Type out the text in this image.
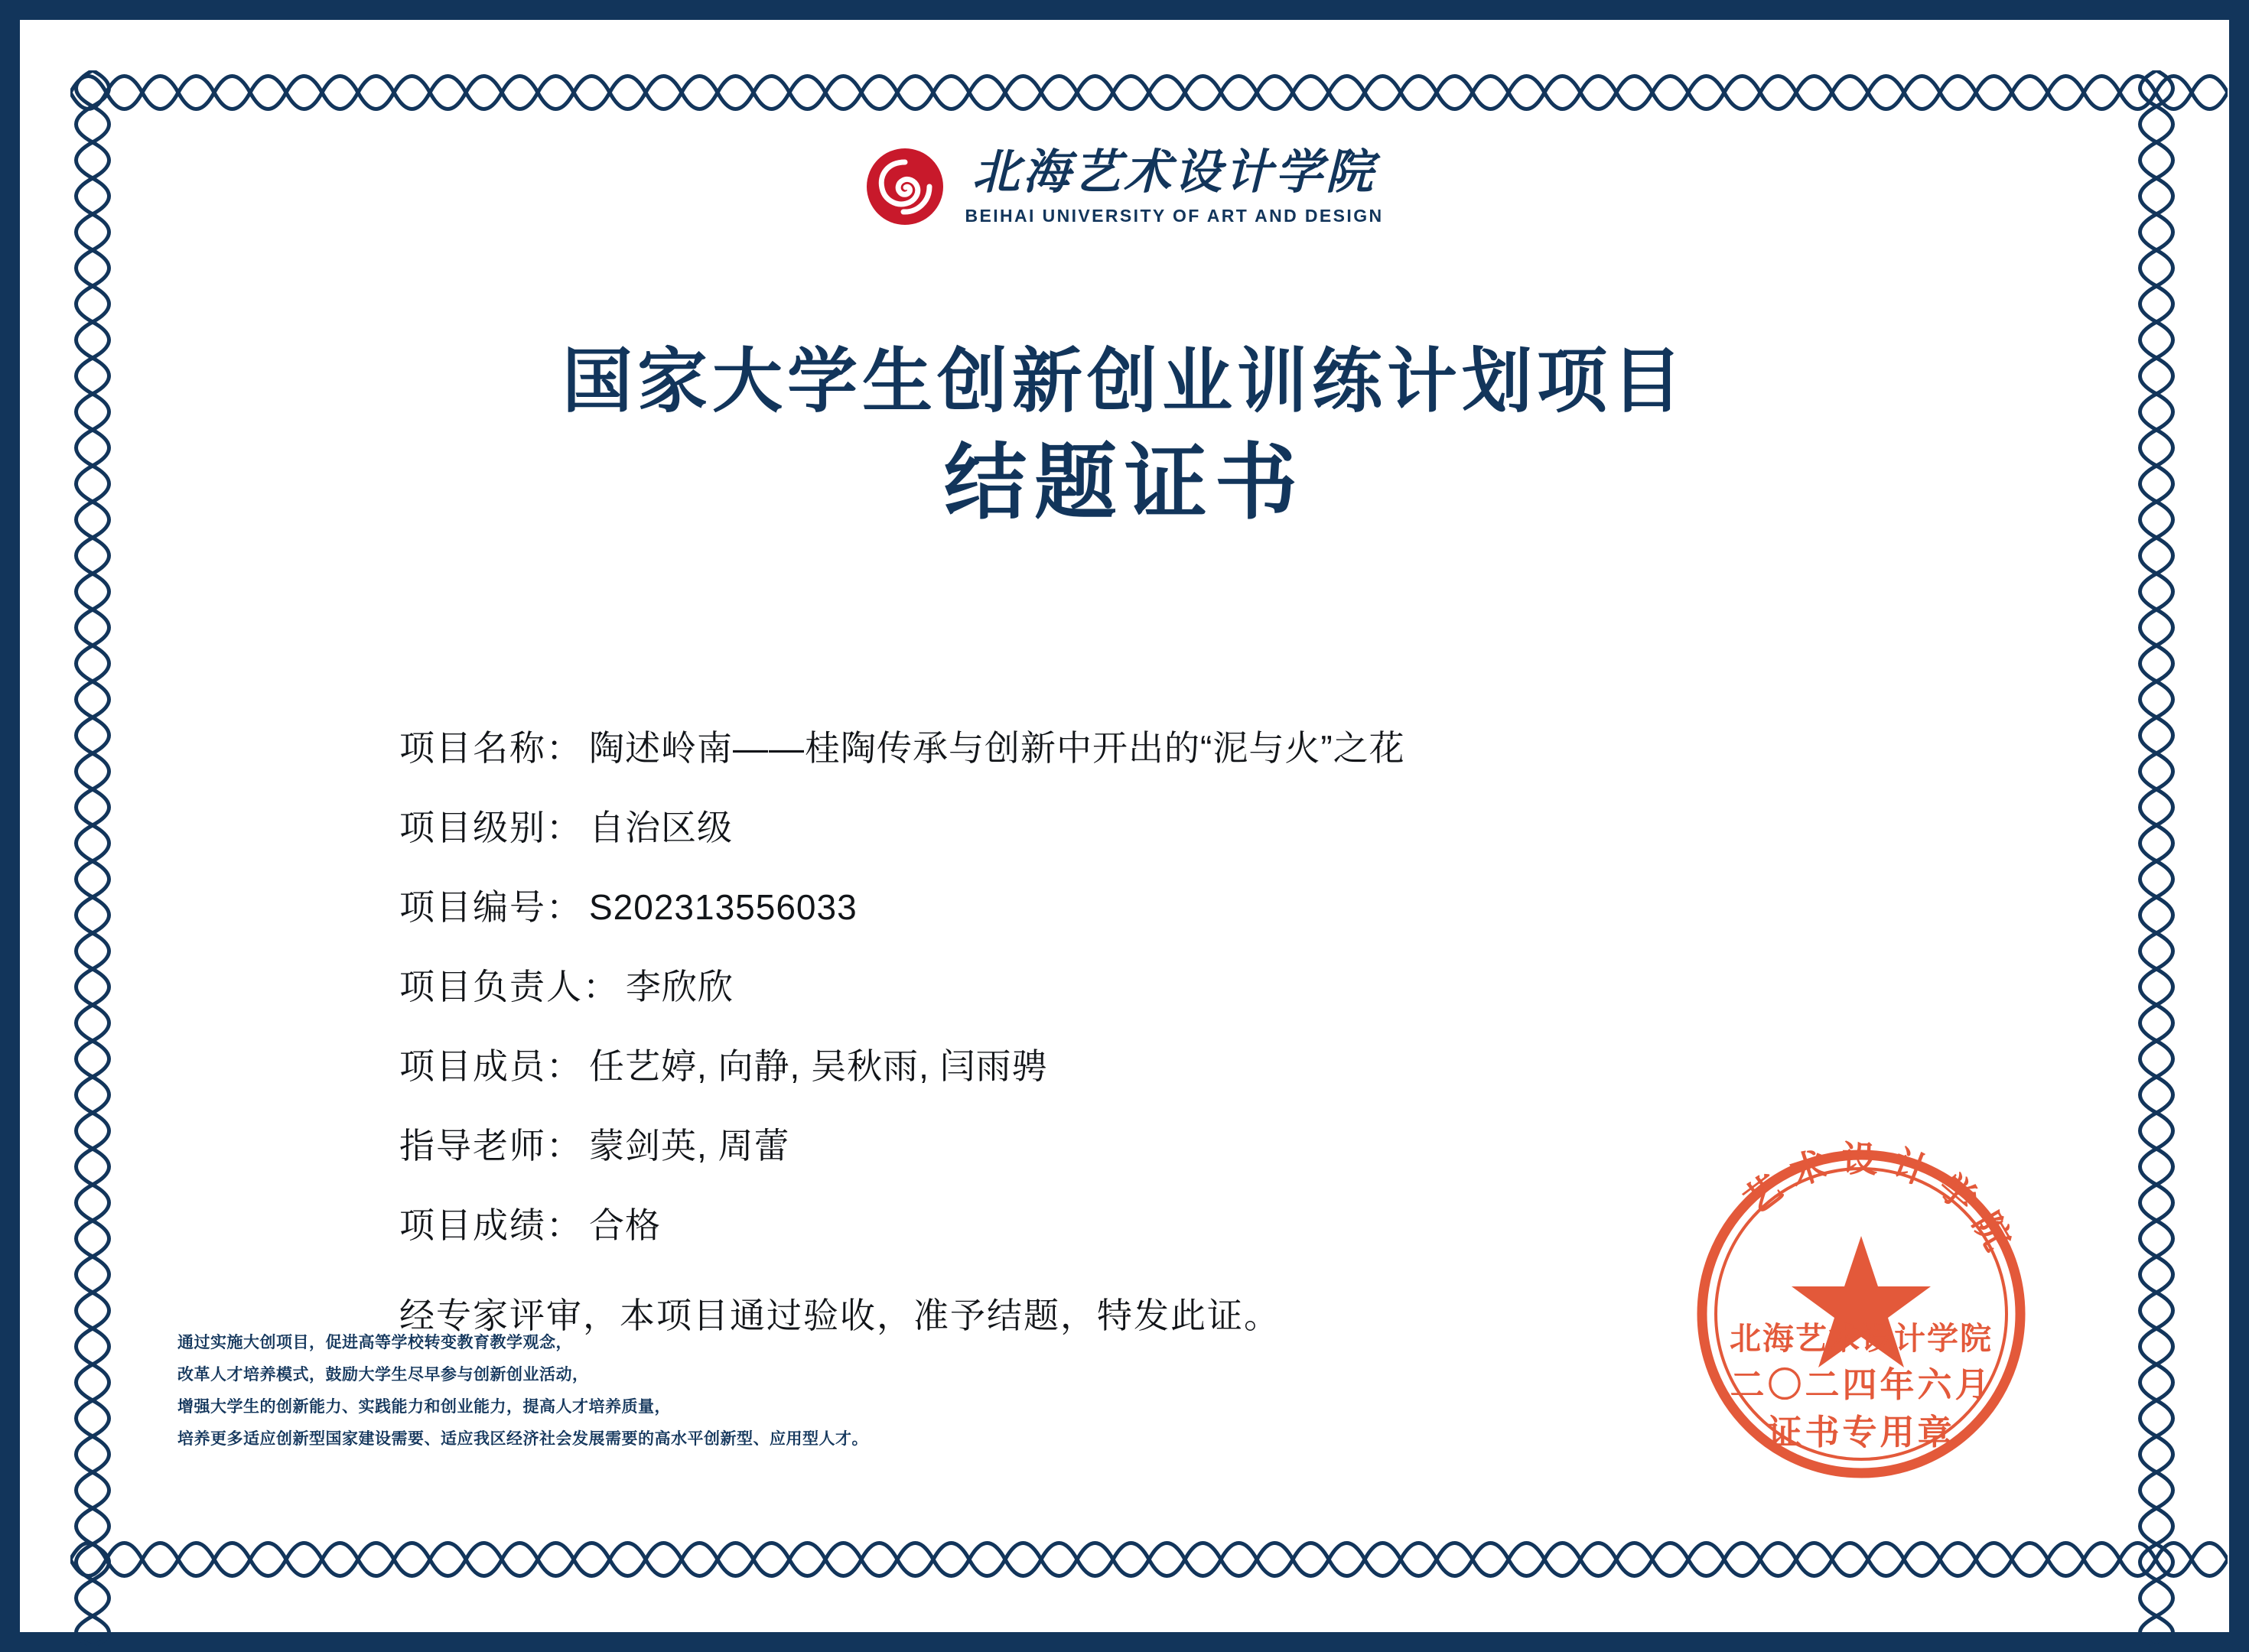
北海艺术设计学院
BEIHAI UNIVERSITY OF ART AND DESIGN
国家大学生创新创业训练计划项目
结题证书
项目名称： 陶述岭南——桂陶传承与创新中开出的“泥与火”之花
项目级别： 自治区级
项目编号： S202313556033
项目负责人： 李欣欣
项目成员： 任艺婷, 向静, 吴秋雨, 闫雨骋
指导老师： 蒙剑英, 周蕾
项目成绩： 合格
经专家评审，本项目通过验收，准予结题，特发此证。
通过实施大创项目，促进高等学校转变教育教学观念，
改革人才培养模式，鼓励大学生尽早参与创新创业活动，
增强大学生的创新能力、实践能力和创业能力，提高人才培养质量，
培养更多适应创新型国家建设需要、适应我区经济社会发展需要的高水平创新型、应用型人才。
艺术设计学院
北海艺术设计学院
二〇二四年六月
证书专用章
